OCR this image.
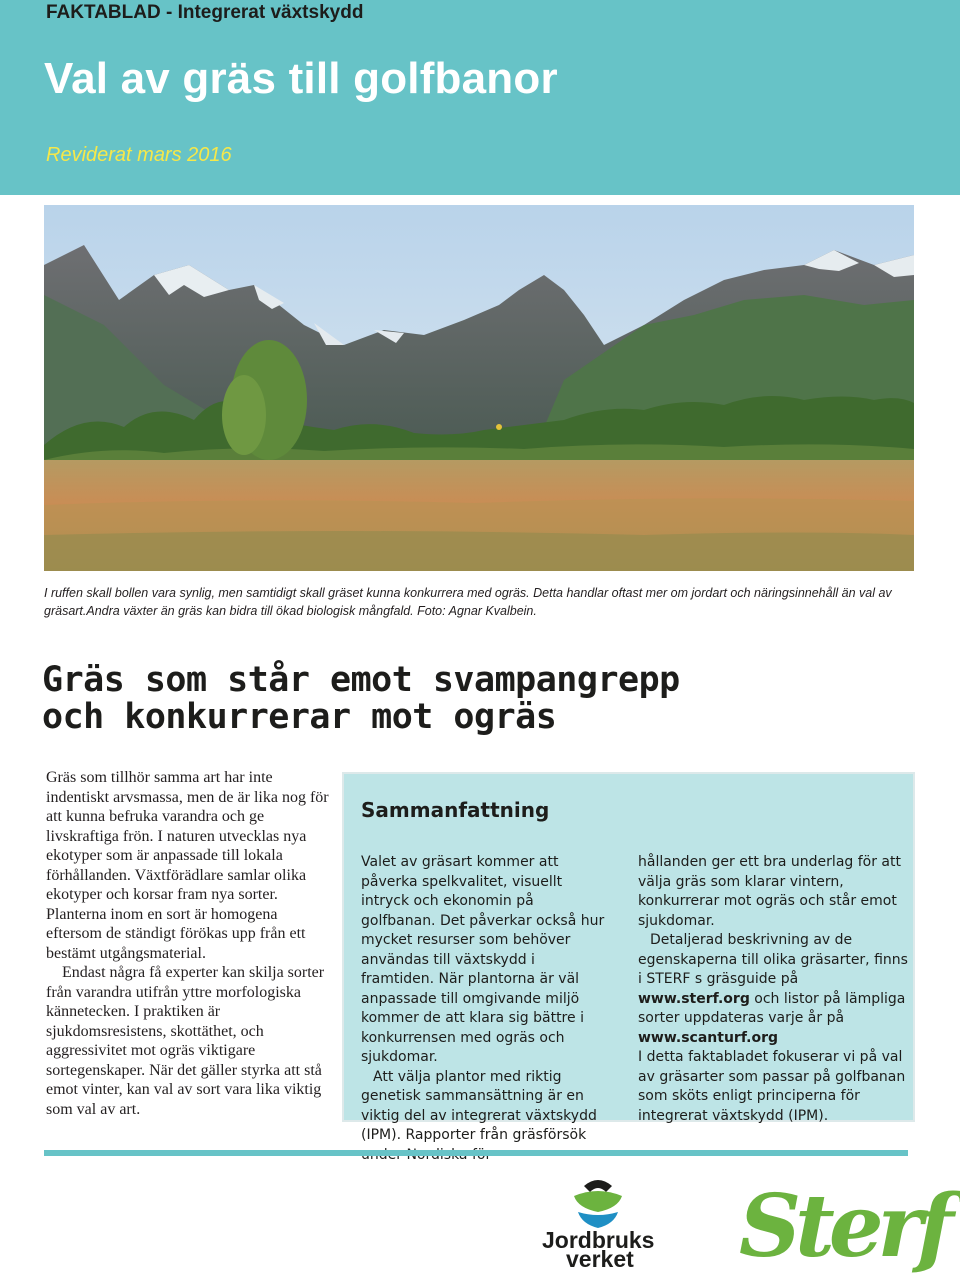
FAKTABLAD - Integrerat växtskydd
Val av gräs till golfbanor
Reviderat mars 2016
I ruffen skall bollen vara synlig, men samtidigt skall gräset kunna konkurrera med ogräs. Detta handlar oftast mer om jordart och näringsinnehåll än val av gräsart.Andra växter än gräs kan bidra till ökad biologisk mångfald. Foto: Agnar Kvalbein.
Gräs som står emot svampangrepp
och konkurrerar mot ogräs

Gräs som tillhör samma art har inte indentiskt arvsmassa, men de är lika nog för att kunna befruka varandra och ge livskraftiga frön. I naturen utvecklas nya ekotyper som är anpassade till lokala förhållanden. Växtförädlare samlar olika ekotyper och korsar fram nya sorter. Planterna inom en sort är homogena eftersom de ständigt förökas upp från ett bestämt utgångsmaterial.

Endast några få experter kan skilja sorter från varandra utifrån yttre morfologiska kännetecken. I praktiken är sjukdomsresistens, skottäthet, och aggressivitet mot ogräs viktigare sortegenskaper. När det gäller styrka att stå emot vinter, kan val av sort vara lika viktig som val av art.

Sammanfattning

Valet av gräsart kommer att påverka spelkvalitet, visuellt intryck och ekonomin på golfbanan. Det påverkar också hur mycket resurser som behöver användas till växtskydd i framtiden. När plantorna är väl anpassade till omgivande miljö kommer de att klara sig bättre i konkurrensen med ogräs och sjukdomar.

Att välja plantor med riktig genetisk sammansättning är en viktig del av integrerat växtskydd (IPM). Rapporter från gräsförsök

hållanden ger ett bra underlag för att välja gräs som klarar vintern, konkurrerar mot ogräs och står emot sjukdomar.

Detaljerad beskrivning av de egenskaperna till olika gräsarter, finns i STERF s gräsguide på www.sterf.org och listor på lämpliga sorter uppdateras varje år på www.scanturf.org

I detta faktabladet fokuserar vi på val av gräsarter som passar på golfbanan som sköts enligt principerna för integrerat växtskydd (IPM).

Jordbruks
verket Sterf
